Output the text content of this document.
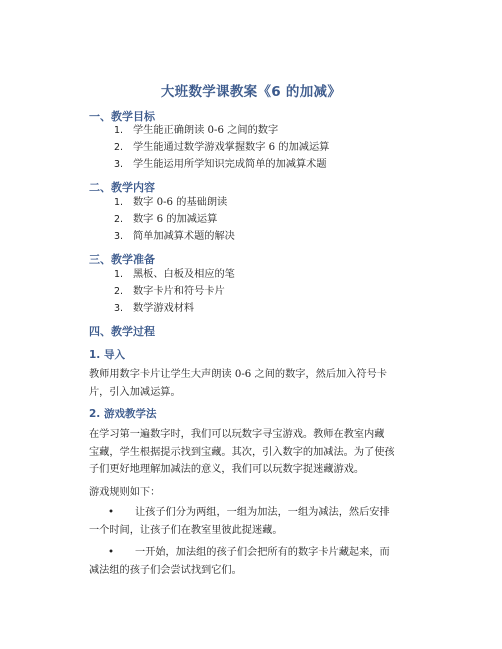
大班数学课教案《6 的加减》
一、教学目标
1. 学生能正确朗读 0-6 之间的数字
2. 学生能通过数学游戏掌握数字 6 的加减运算
3. 学生能运用所学知识完成简单的加减算术题
二、教学内容
1. 数字 0-6 的基础朗读
2. 数字 6 的加减运算
3. 简单加减算术题的解决
三、教学准备
1. 黑板、白板及相应的笔
2. 数字卡片和符号卡片
3. 数学游戏材料
四、教学过程
1. 导入
教师用数字卡片让学生大声朗读 0-6 之间的数字，然后加入符号卡
片，引入加减运算。
2. 游戏教学法
在学习第一遍数字时，我们可以玩数字寻宝游戏。教师在教室内藏
宝藏，学生根据提示找到宝藏。其次，引入数字的加减法。为了使孩
子们更好地理解加减法的意义，我们可以玩数字捉迷藏游戏。
游戏规则如下：
• 让孩子们分为两组，一组为加法，一组为减法，然后安排
一个时间，让孩子们在教室里彼此捉迷藏。
• 一开始，加法组的孩子们会把所有的数字卡片藏起来，而
减法组的孩子们会尝试找到它们。
